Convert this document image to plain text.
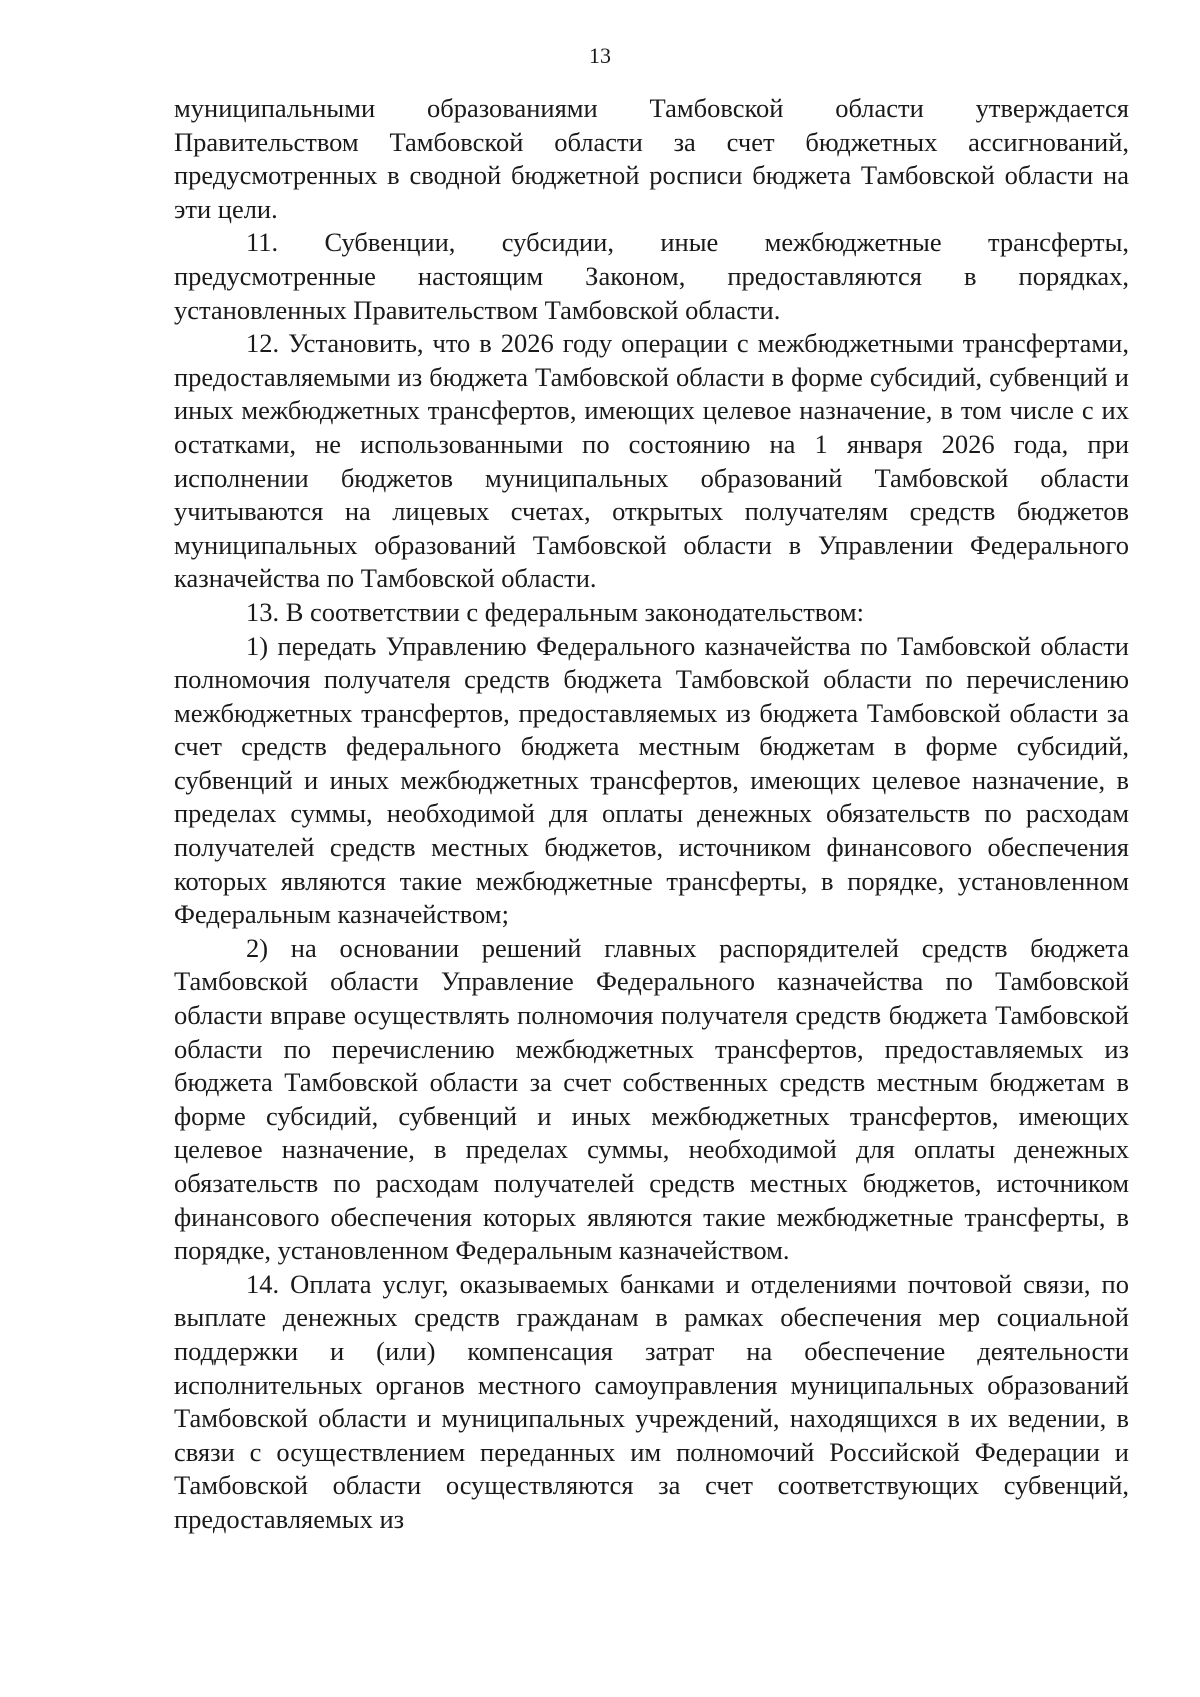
13

муниципальными образованиями Тамбовской области утверждается Правительством Тамбовской области за счет бюджетных ассигнований, предусмотренных в сводной бюджетной росписи бюджета Тамбовской области на эти цели.

11. Субвенции, субсидии, иные межбюджетные трансферты, предусмотренные настоящим Законом, предоставляются в порядках, установленных Правительством Тамбовской области.

12. Установить, что в 2026 году операции с межбюджетными трансфертами, предоставляемыми из бюджета Тамбовской области в форме субсидий, субвенций и иных межбюджетных трансфертов, имеющих целевое назначение, в том числе с их остатками, не использованными по состоянию на 1 января 2026 года, при исполнении бюджетов муниципальных образований Тамбовской области учитываются на лицевых счетах, открытых получателям средств бюджетов муниципальных образований Тамбовской области в Управлении Федерального казначейства по Тамбовской области.

13. В соответствии с федеральным законодательством:

1) передать Управлению Федерального казначейства по Тамбовской области полномочия получателя средств бюджета Тамбовской области по перечислению межбюджетных трансфертов, предоставляемых из бюджета Тамбовской области за счет средств федерального бюджета местным бюджетам в форме субсидий, субвенций и иных межбюджетных трансфертов, имеющих целевое назначение, в пределах суммы, необходимой для оплаты денежных обязательств по расходам получателей средств местных бюджетов, источником финансового обеспечения которых являются такие межбюджетные трансферты, в порядке, установленном Федеральным казначейством;

2) на основании решений главных распорядителей средств бюджета Тамбовской области Управление Федерального казначейства по Тамбовской области вправе осуществлять полномочия получателя средств бюджета Тамбовской области по перечислению межбюджетных трансфертов, предоставляемых из бюджета Тамбовской области за счет собственных средств местным бюджетам в форме субсидий, субвенций и иных межбюджетных трансфертов, имеющих целевое назначение, в пределах суммы, необходимой для оплаты денежных обязательств по расходам получателей средств местных бюджетов, источником финансового обеспечения которых являются такие межбюджетные трансферты, в порядке, установленном Федеральным казначейством.

14. Оплата услуг, оказываемых банками и отделениями почтовой связи, по выплате денежных средств гражданам в рамках обеспечения мер социальной поддержки и (или) компенсация затрат на обеспечение деятельности исполнительных органов местного самоуправления муниципальных образований Тамбовской области и муниципальных учреждений, находящихся в их ведении, в связи с осуществлением переданных им полномочий Российской Федерации и Тамбовской области осуществляются за счет соответствующих субвенций, предоставляемых из
